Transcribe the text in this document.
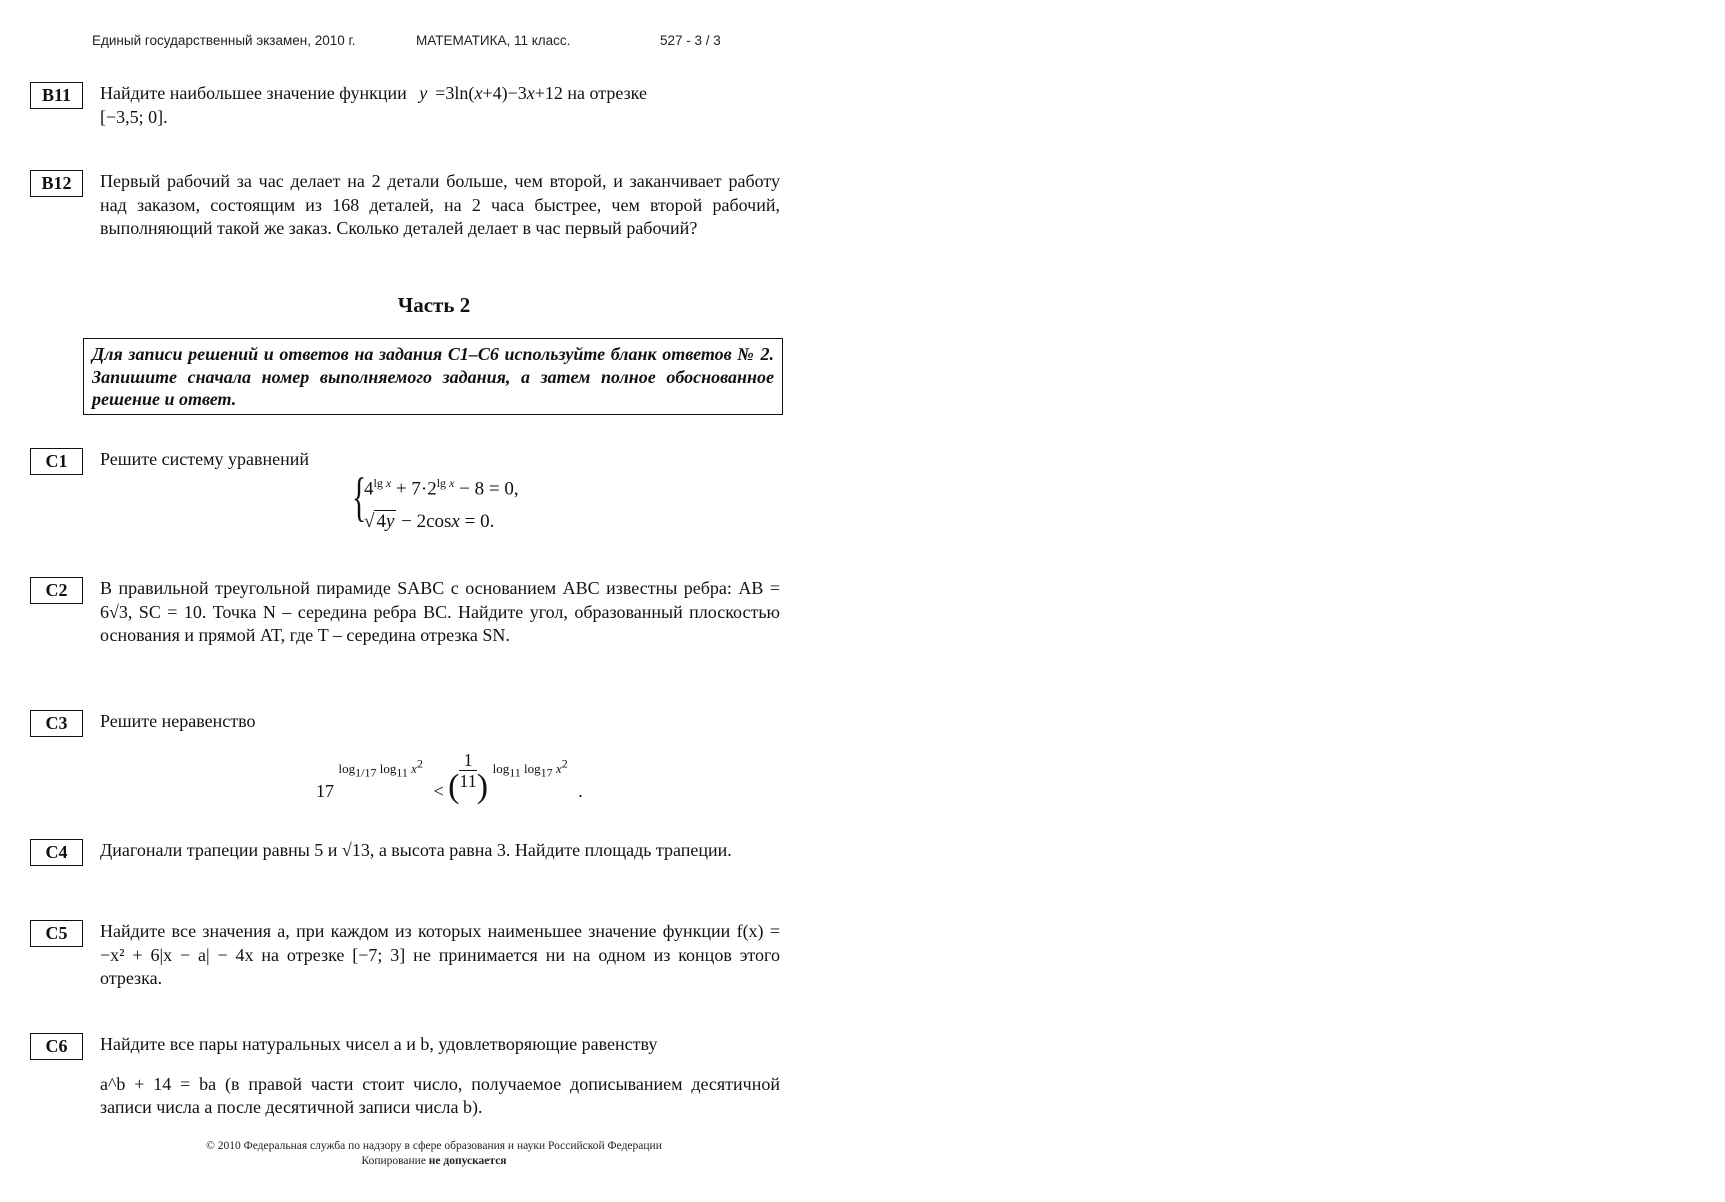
Единый государственный экзамен, 2010 г.	МАТЕМАТИКА, 11 класс.	527 - 3 / 3
B11	Найдите наибольшее значение функции y =3ln(x+4)−3x+12 на отрезке
[−3,5; 0].
B12	Первый рабочий за час делает на 2 детали больше, чем второй, и заканчивает работу над заказом, состоящим из 168 деталей, на 2 часа быстрее, чем второй рабочий, выполняющий такой же заказ. Сколько деталей делает в час первый рабочий?
Часть 2
Для записи решений и ответов на задания С1–С6 используйте бланк ответов № 2. Запишите сначала номер выполняемого задания, а затем полное обоснованное решение и ответ.
C1	Решите систему уравнений
{
$4^{lg x} + 7\cdot 2^{lg x} - 8 = 0$,
√ 4y − 2cosx = 0.
C2	В правильной треугольной пирамиде SABC с основанием ABC известны ребра: AB = 6√3, SC = 10. Точка N – середина ребра BC. Найдите угол, образованный плоскостью основания и прямой AT, где T – середина отрезка SN.
C3	Решите неравенство
17 $^{log_{1/17} log_{11} x^2}$ < ( $\frac{1}{11}$ ) $^{log_{11} log_{17} x^2}$ .
C4	Диагонали трапеции равны 5 и √13, а высота равна 3. Найдите площадь трапеции.
C5	Найдите все значения a, при каждом из которых наименьшее значение функции f(x) = −x² + 6|x − a| − 4x на отрезке [−7; 3] не принимается ни на одном из концов этого отрезка.
C6	Найдите все пары натуральных чисел a и b, удовлетворяющие равенству
a^b + 14 = ba (в правой части стоит число, получаемое дописыванием десятичной записи числа a после десятичной записи числа b).
© 2010 Федеральная служба по надзору в сфере образования и науки Российской Федерации
Копирование не допускается
